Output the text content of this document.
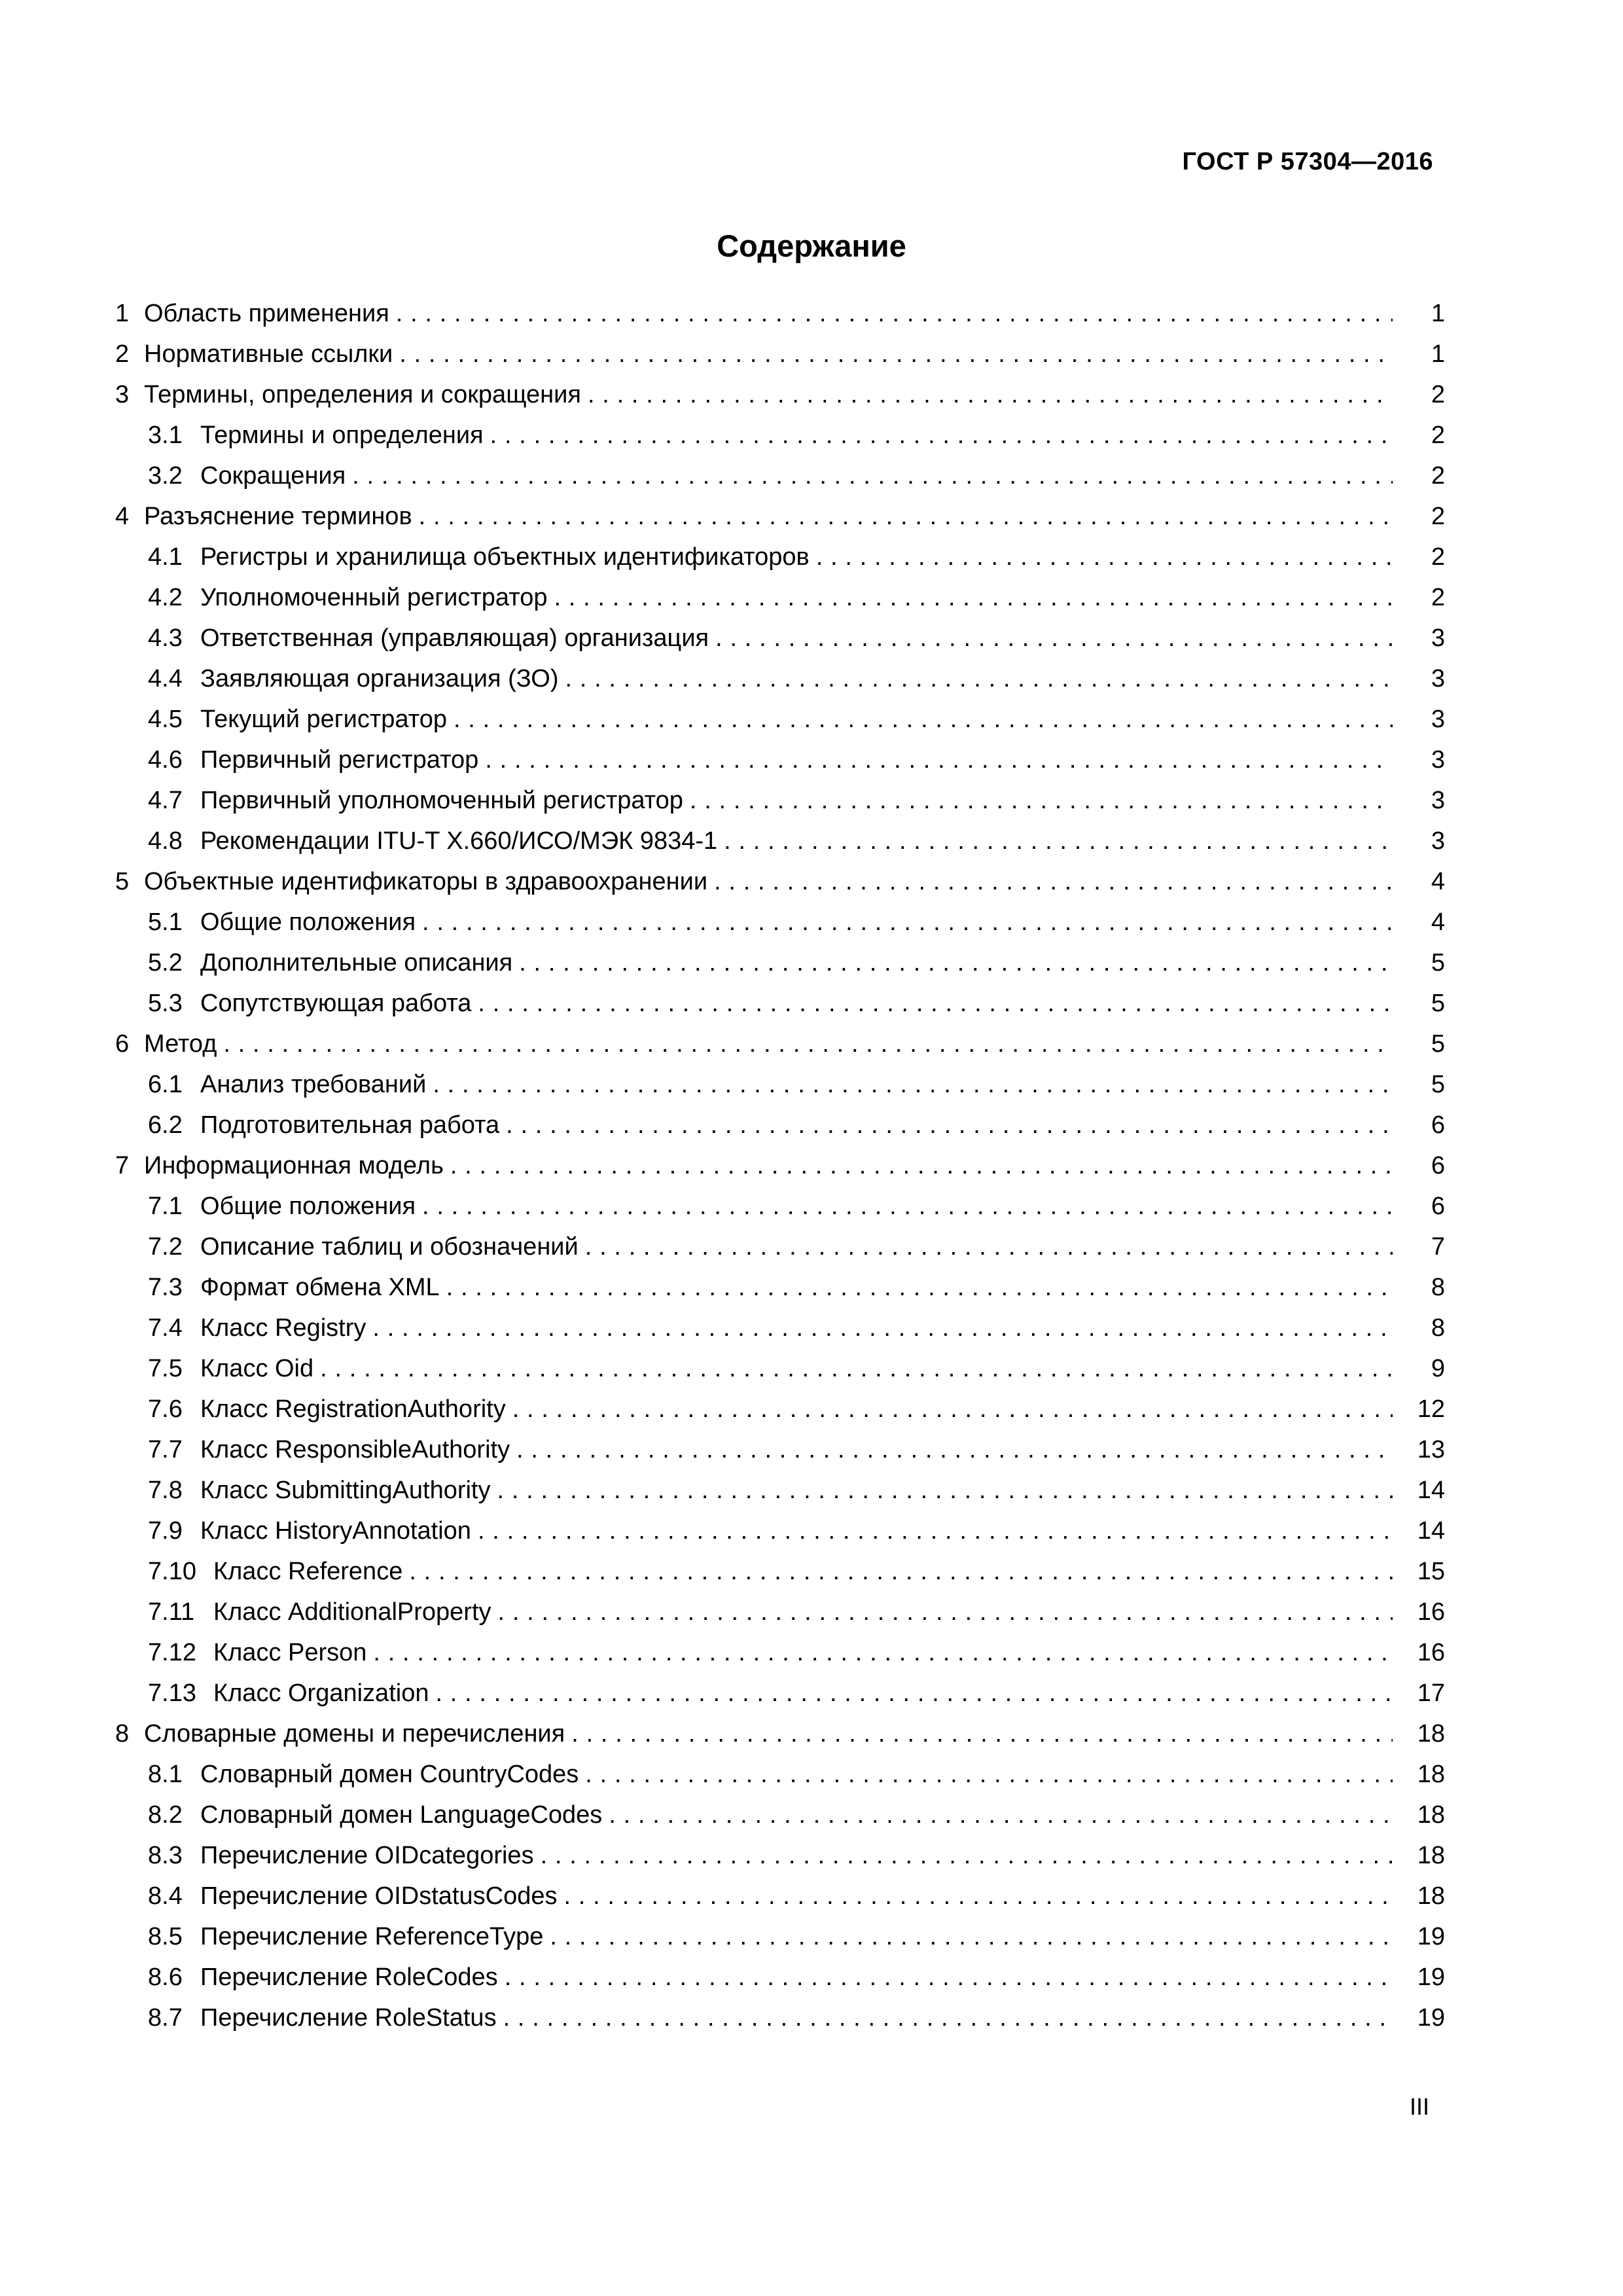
ГОСТ Р 57304—2016
Содержание
1 Область применения . . .	1
2 Нормативные ссылки . . .	1
3 Термины, определения и сокращения . . .	2
3.1 Термины и определения . . .	2
3.2 Сокращения . . .	2
4 Разъяснение терминов . . .	2
4.1 Регистры и хранилища объектных идентификаторов . . .	2
4.2 Уполномоченный регистратор . . .	2
4.3 Ответственная (управляющая) организация . . .	3
4.4 Заявляющая организация (ЗО) . . .	3
4.5 Текущий регистратор . . .	3
4.6 Первичный регистратор . . .	3
4.7 Первичный уполномоченный регистратор . . .	3
4.8 Рекомендации ITU-T X.660/ИСО/МЭК 9834-1 . . .	3
5 Объектные идентификаторы в здравоохранении . . .	4
5.1 Общие положения . . .	4
5.2 Дополнительные описания . . .	5
5.3 Сопутствующая работа . . .	5
6 Метод . . .	5
6.1 Анализ требований . . .	5
6.2 Подготовительная работа . . .	6
7 Информационная модель . . .	6
7.1 Общие положения . . .	6
7.2 Описание таблиц и обозначений . . .	7
7.3 Формат обмена XML . . .	8
7.4 Класс Registry . . .	8
7.5 Класс Oid . . .	9
7.6 Класс RegistrationAuthority . . .	12
7.7 Класс ResponsibleAuthority . . .	13
7.8 Класс SubmittingAuthority . . .	14
7.9 Класс HistoryAnnotation . . .	14
7.10 Класс Reference . . .	15
7.11 Класс AdditionalProperty . . .	16
7.12 Класс Person . . .	16
7.13 Класс Organization . . .	17
8 Словарные домены и перечисления . . .	18
8.1 Словарный домен CountryCodes . . .	18
8.2 Словарный домен LanguageCodes . . .	18
8.3 Перечисление OIDcategories . . .	18
8.4 Перечисление OIDstatusCodes . . .	18
8.5 Перечисление ReferenceType . . .	19
8.6 Перечисление RoleCodes . . .	19
8.7 Перечисление RoleStatus . . .	19
III
